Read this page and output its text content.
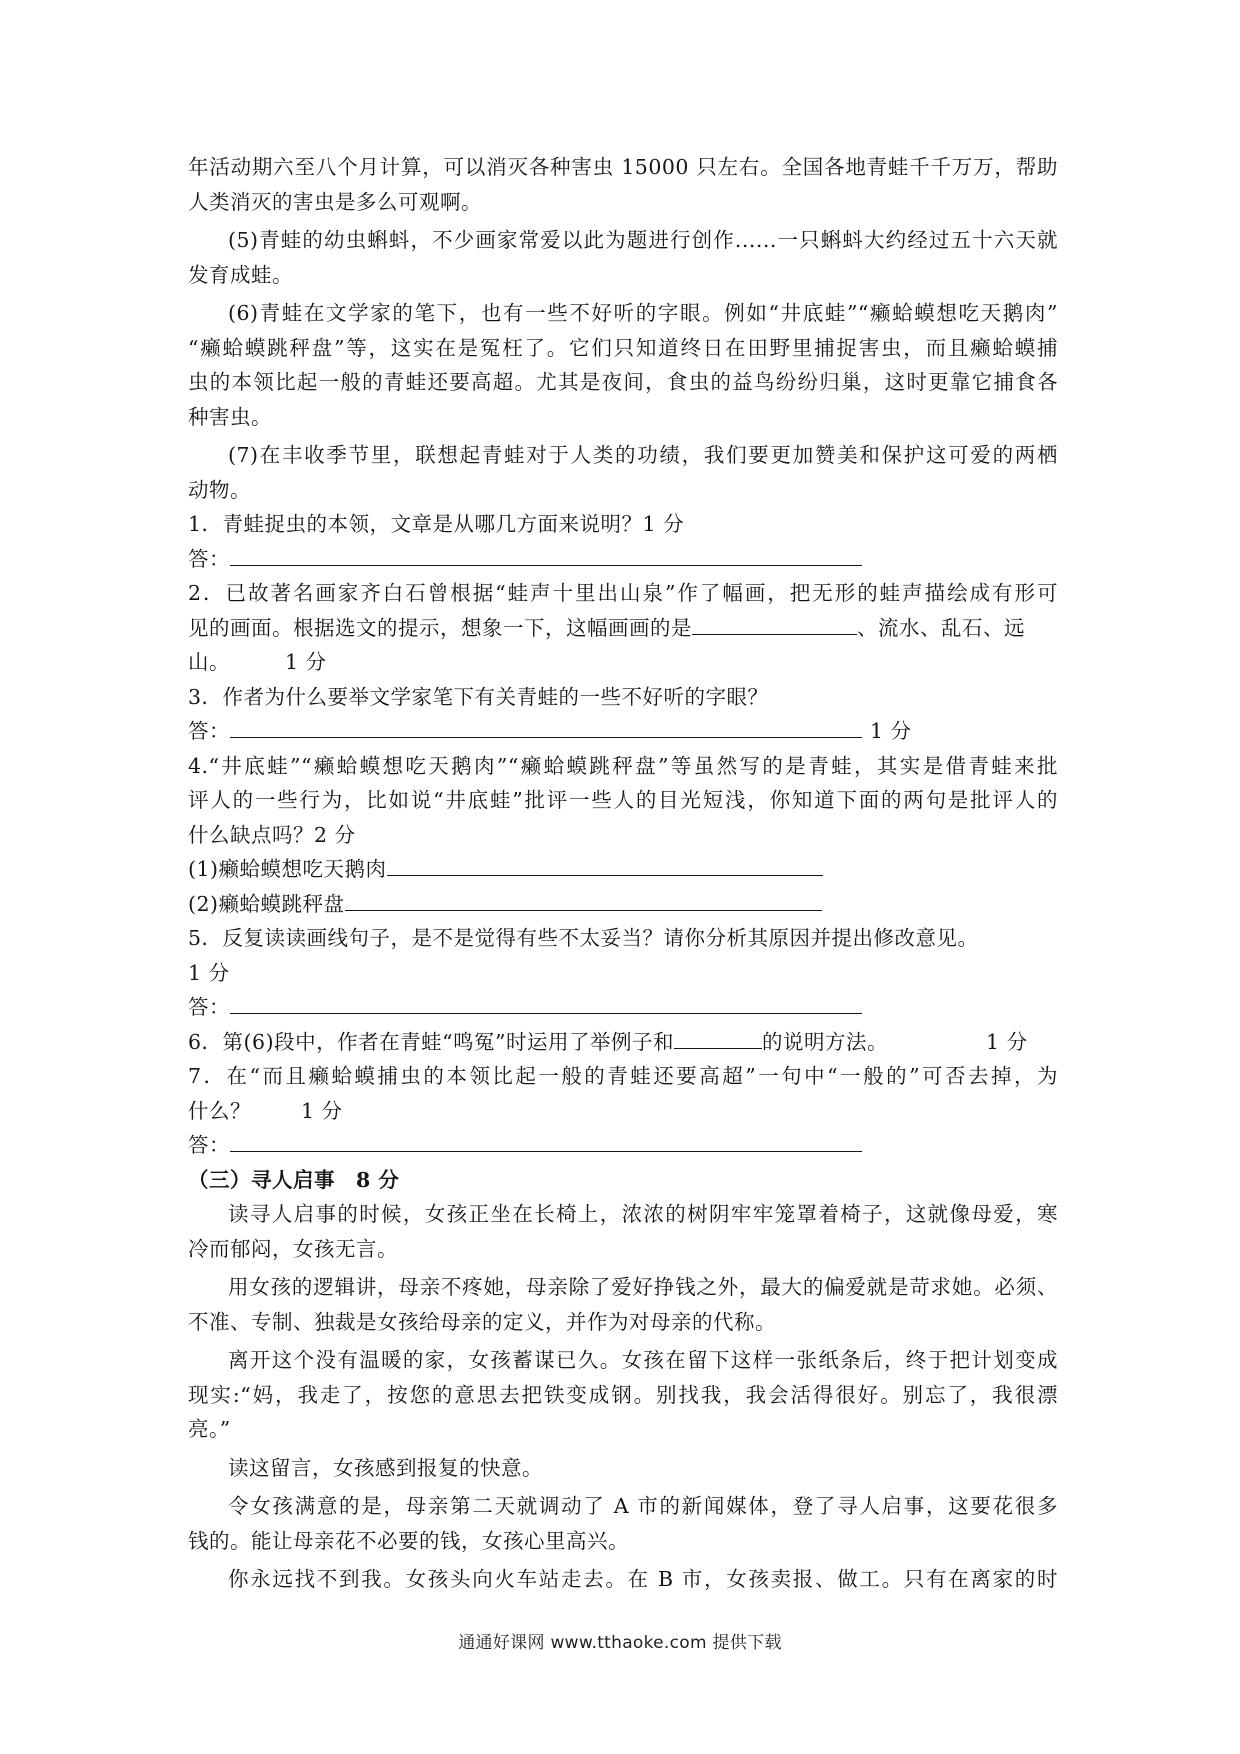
年活动期六至八个月计算，可以消灭各种害虫 15000 只左右。全国各地青蛙千千万万，帮助
人类消灭的害虫是多么可观啊。
(5)青蛙的幼虫蝌蚪，不少画家常爱以此为题进行创作......一只蝌蚪大约经过五十六天就
发育成蛙。
(6)青蛙在文学家的笔下，也有一些不好听的字眼。例如“井底蛙”“癞蛤蟆想吃天鹅肉”
“癞蛤蟆跳秤盘”等，这实在是冤枉了。它们只知道终日在田野里捕捉害虫，而且癞蛤蟆捕
虫的本领比起一般的青蛙还要高超。尤其是夜间，食虫的益鸟纷纷归巢，这时更靠它捕食各
种害虫。
(7)在丰收季节里，联想起青蛙对于人类的功绩，我们要更加赞美和保护这可爱的两栖
动物。
1．青蛙捉虫的本领，文章是从哪几方面来说明？1 分
答：
2．已故著名画家齐白石曾根据“蛙声十里出山泉”作了幅画，把无形的蛙声描绘成有形可
见的画面。根据选文的提示，想象一下，这幅画画的是	、流水、乱石、远
山。	1 分
3．作者为什么要举文学家笔下有关青蛙的一些不好听的字眼？
答：	1 分
4.“井底蛙”“癞蛤蟆想吃天鹅肉”“癞蛤蟆跳秤盘”等虽然写的是青蛙，其实是借青蛙来批
评人的一些行为，比如说“井底蛙”批评一些人的目光短浅，你知道下面的两句是批评人的
什么缺点吗？2 分
(1)癞蛤蟆想吃天鹅肉
(2)癞蛤蟆跳秤盘
5．反复读读画线句子，是不是觉得有些不太妥当？请你分析其原因并提出修改意见。
1 分
答：
6．第(6)段中，作者在青蛙“鸣冤”时运用了举例子和	的说明方法。	1 分
7．在“而且癞蛤蟆捕虫的本领比起一般的青蛙还要高超”一句中“一般的”可否去掉，为
什么？ 1 分
答：
（三）寻人启事　8 分
读寻人启事的时候，女孩正坐在长椅上，浓浓的树阴牢牢笼罩着椅子，这就像母爱，寒
冷而郁闷，女孩无言。
用女孩的逻辑讲，母亲不疼她，母亲除了爱好挣钱之外，最大的偏爱就是苛求她。必须、
不准、专制、独裁是女孩给母亲的定义，并作为对母亲的代称。
离开这个没有温暖的家，女孩蓄谋已久。女孩在留下这样一张纸条后，终于把计划变成
现实:“妈，我走了，按您的意思去把铁变成钢。别找我，我会活得很好。别忘了，我很漂
亮。”
读这留言，女孩感到报复的快意。
令女孩满意的是，母亲第二天就调动了 A 市的新闻媒体，登了寻人启事，这要花很多
钱的。能让母亲花不必要的钱，女孩心里高兴。
你永远找不到我。女孩头向火车站走去。在 B 市，女孩卖报、做工。只有在离家的时
通通好课网 www.tthaoke.com 提供下载
